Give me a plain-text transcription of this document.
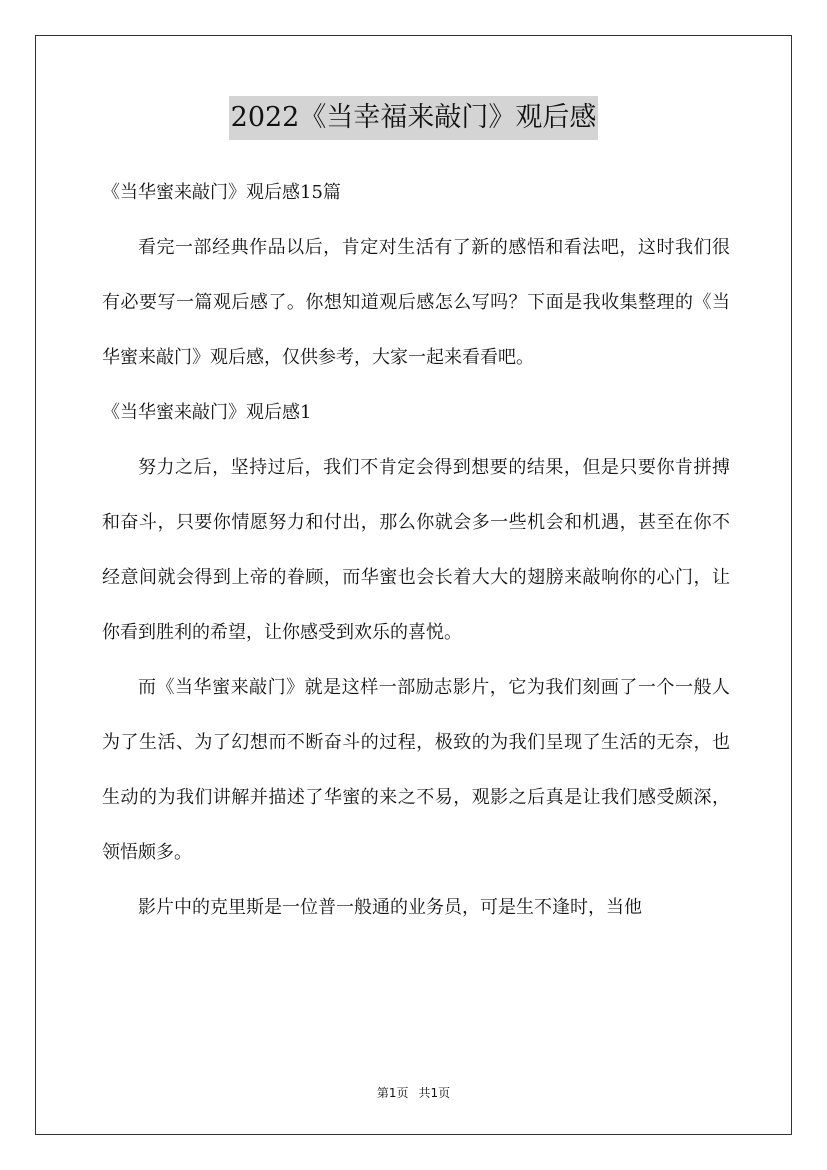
2022《当幸福来敲门》观后感
《当华蜜来敲门》观后感15篇

看完一部经典作品以后，肯定对生活有了新的感悟和看法吧，这时我们很有必要写一篇观后感了。你想知道观后感怎么写吗？下面是我收集整理的《当华蜜来敲门》观后感，仅供参考，大家一起来看看吧。

《当华蜜来敲门》观后感1

努力之后，坚持过后，我们不肯定会得到想要的结果，但是只要你肯拼搏和奋斗，只要你情愿努力和付出，那么你就会多一些机会和机遇，甚至在你不经意间就会得到上帝的眷顾，而华蜜也会长着大大的翅膀来敲响你的心门，让你看到胜利的希望，让你感受到欢乐的喜悦。

而《当华蜜来敲门》就是这样一部励志影片，它为我们刻画了一个一般人为了生活、为了幻想而不断奋斗的过程，极致的为我们呈现了生活的无奈，也生动的为我们讲解并描述了华蜜的来之不易，观影之后真是让我们感受颇深，领悟颇多。

影片中的克里斯是一位普一般通的业务员，可是生不逢时，当他

第1页 共1页
